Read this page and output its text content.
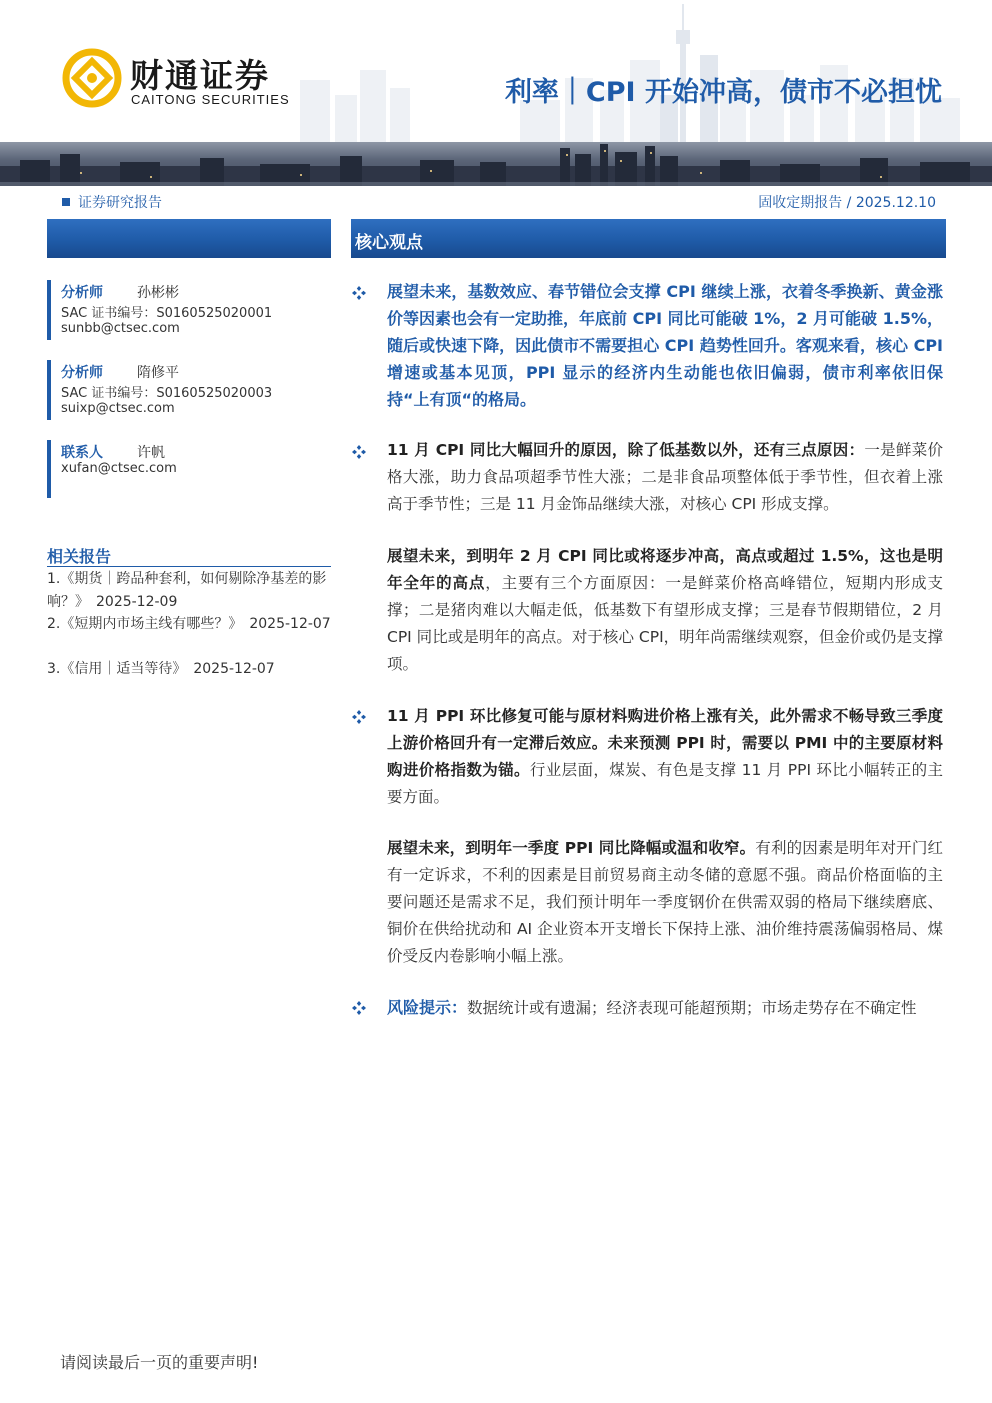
财通证券
CAITONG SECURITIES	利率｜CPI 开始冲高，债市不必担忧
证券研究报告	固收定期报告 / 2025.12.10
分析师 孙彬彬
SAC 证书编号：S0160525020001
sunbb@ctsec.com
分析师 隋修平
SAC 证书编号：S0160525020003
suixp@ctsec.com
联系人 许帆
xufan@ctsec.com
相关报告
1.《期货｜跨品种套利，如何剔除净基差的影响？》　2025-12-09
2.《短期内市场主线有哪些？》　2025-12-07
3.《信用｜适当等待》　2025-12-07
核心观点
展望未来，基数效应、春节错位会支撑 CPI 继续上涨，衣着冬季换新、黄金涨价等因素也会有一定助推，年底前 CPI 同比可能破 1%，2 月可能破 1.5%，随后或快速下降，因此债市不需要担心 CPI 趋势性回升。客观来看，核心 CPI 增速或基本见顶，PPI 显示的经济内生动能也依旧偏弱，债市利率依旧保持“上有顶“的格局。
11 月 CPI 同比大幅回升的原因，除了低基数以外，还有三点原因：一是鲜菜价格大涨，助力食品项超季节性大涨；二是非食品项整体低于季节性，但衣着上涨高于季节性；三是 11 月金饰品继续大涨，对核心 CPI 形成支撑。
展望未来，到明年 2 月 CPI 同比或将逐步冲高，高点或超过 1.5%，这也是明年全年的高点，主要有三个方面原因：一是鲜菜价格高峰错位，短期内形成支撑；二是猪肉难以大幅走低，低基数下有望形成支撑；三是春节假期错位，2 月 CPI 同比或是明年的高点。对于核心 CPI，明年尚需继续观察，但金价或仍是支撑项。
11 月 PPI 环比修复可能与原材料购进价格上涨有关，此外需求不畅导致三季度上游价格回升有一定滞后效应。未来预测 PPI 时，需要以 PMI 中的主要原材料购进价格指数为锚。行业层面，煤炭、有色是支撑 11 月 PPI 环比小幅转正的主要方面。
展望未来，到明年一季度 PPI 同比降幅或温和收窄。有利的因素是明年对开门红有一定诉求，不利的因素是目前贸易商主动冬储的意愿不强。商品价格面临的主要问题还是需求不足，我们预计明年一季度钢价在供需双弱的格局下继续磨底、铜价在供给扰动和 AI 企业资本开支增长下保持上涨、油价维持震荡偏弱格局、煤价受反内卷影响小幅上涨。
风险提示：数据统计或有遗漏；经济表现可能超预期；市场走势存在不确定性
请阅读最后一页的重要声明!
